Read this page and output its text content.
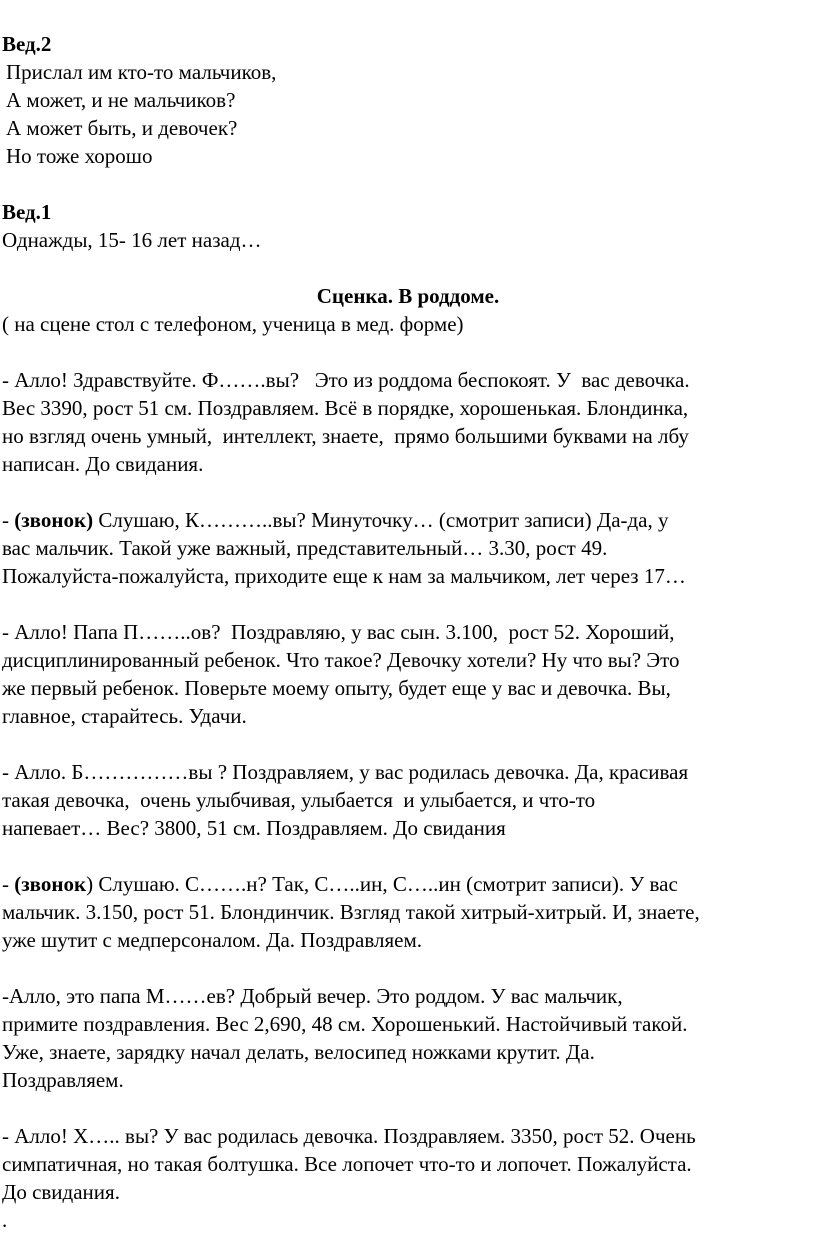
Вед.2
Прислал им кто-то мальчиков,
А может, и не мальчиков?
А может быть, и девочек?
Но тоже хорошо
Вед.1
Однажды, 15- 16 лет назад…
Сценка. В роддоме.
( на сцене стол с телефоном, ученица в мед. форме)
- Алло! Здравствуйте. Ф…….вы?   Это из роддома беспокоят. У  вас девочка.
Вес 3390, рост 51 см. Поздравляем. Всё в порядке, хорошенькая. Блондинка,
но взгляд очень умный,  интеллект, знаете,  прямо большими буквами на лбу
написан. До свидания.
- (звонок) Слушаю, К………..вы? Минуточку… (смотрит записи) Да-да, у
вас мальчик. Такой уже важный, представительный… 3.30, рост 49.
Пожалуйста-пожалуйста, приходите еще к нам за мальчиком, лет через 17…
- Алло! Папа П……..ов?  Поздравляю, у вас сын. 3.100,  рост 52. Хороший,
дисциплинированный ребенок. Что такое? Девочку хотели? Ну что вы? Это
же первый ребенок. Поверьте моему опыту, будет еще у вас и девочка. Вы,
главное, старайтесь. Удачи.
- Алло. Б……………вы ? Поздравляем, у вас родилась девочка. Да, красивая
такая девочка,  очень улыбчивая, улыбается  и улыбается, и что-то
напевает… Вес? 3800, 51 см. Поздравляем. До свидания
- (звонок) Слушаю. С…….н? Так, С…..ин, С…..ин (смотрит записи). У вас
мальчик. 3.150, рост 51. Блондинчик. Взгляд такой хитрый-хитрый. И, знаете,
уже шутит с медперсоналом. Да. Поздравляем.
-Алло, это папа М……ев? Добрый вечер. Это роддом. У вас мальчик,
примите поздравления. Вес 2,690, 48 см. Хорошенький. Настойчивый такой.
Уже, знаете, зарядку начал делать, велосипед ножками крутит. Да.
Поздравляем.
- Алло! Х….. вы? У вас родилась девочка. Поздравляем. 3350, рост 52. Очень
симпатичная, но такая болтушка. Все лопочет что-то и лопочет. Пожалуйста.
До свидания.
.
